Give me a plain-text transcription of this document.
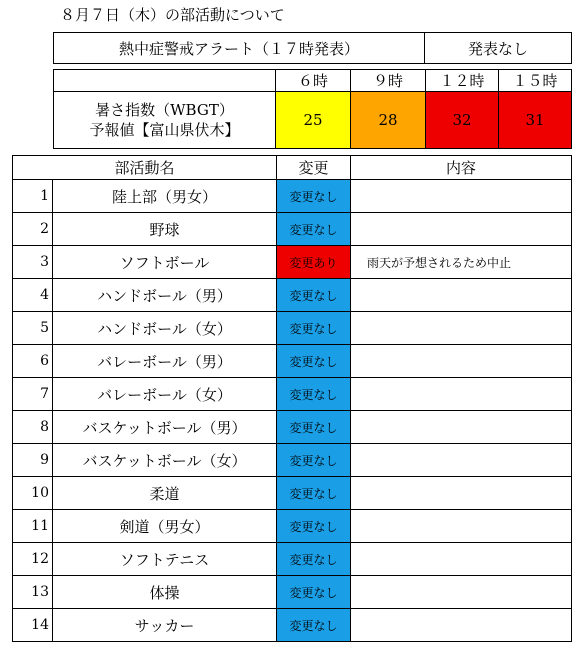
８月７日（木）の部活動について
熱中症警戒アラート（１７時発表）	発表なし
	６時	９時	１２時	１５時

暑さ指数（WBGT）
予報値【富山県伏木】	25	28	32	31
部活動名		変更	内容
1	陸上部（男女）	変更なし	
2	野球	変更なし	
3	ソフトボール	変更あり	雨天が予想されるため中止
4	ハンドボール（男）	変更なし	
5	ハンドボール（女）	変更なし	
6	バレーボール（男）	変更なし	
7	バレーボール（女）	変更なし	
8	バスケットボール（男）	変更なし	
9	バスケットボール（女）	変更なし	
10	柔道	変更なし	
11	剣道（男女）	変更なし	
12	ソフトテニス	変更なし	
13	体操	変更なし	
14	サッカー	変更なし	
